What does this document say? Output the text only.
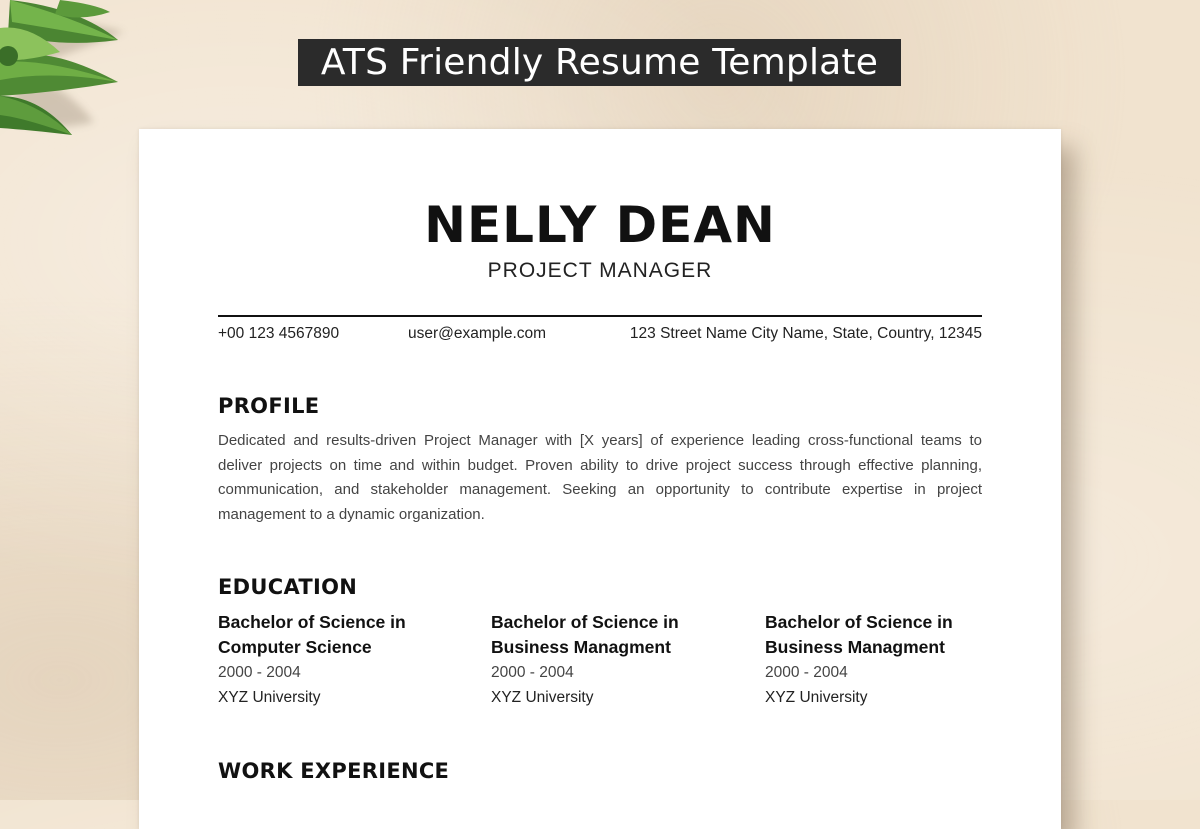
ATS Friendly Resume Template
NELLY DEAN
PROJECT MANAGER
+00 123 4567890	user@example.com	123 Street Name City Name, State, Country, 12345
PROFILE
Dedicated and results-driven Project Manager with [X years] of experience leading cross-functional teams to deliver projects on time and within budget. Proven ability to drive project success through effective planning, communication, and stakeholder management. Seeking an opportunity to contribute expertise in project management to a dynamic organization.
EDUCATION
Bachelor of Science in
Computer Science
2000 - 2004
XYZ University
Bachelor of Science in
Business Managment
2000 - 2004
XYZ University
Bachelor of Science in
Business Managment
2000 - 2004
XYZ University
WORK EXPERIENCE
